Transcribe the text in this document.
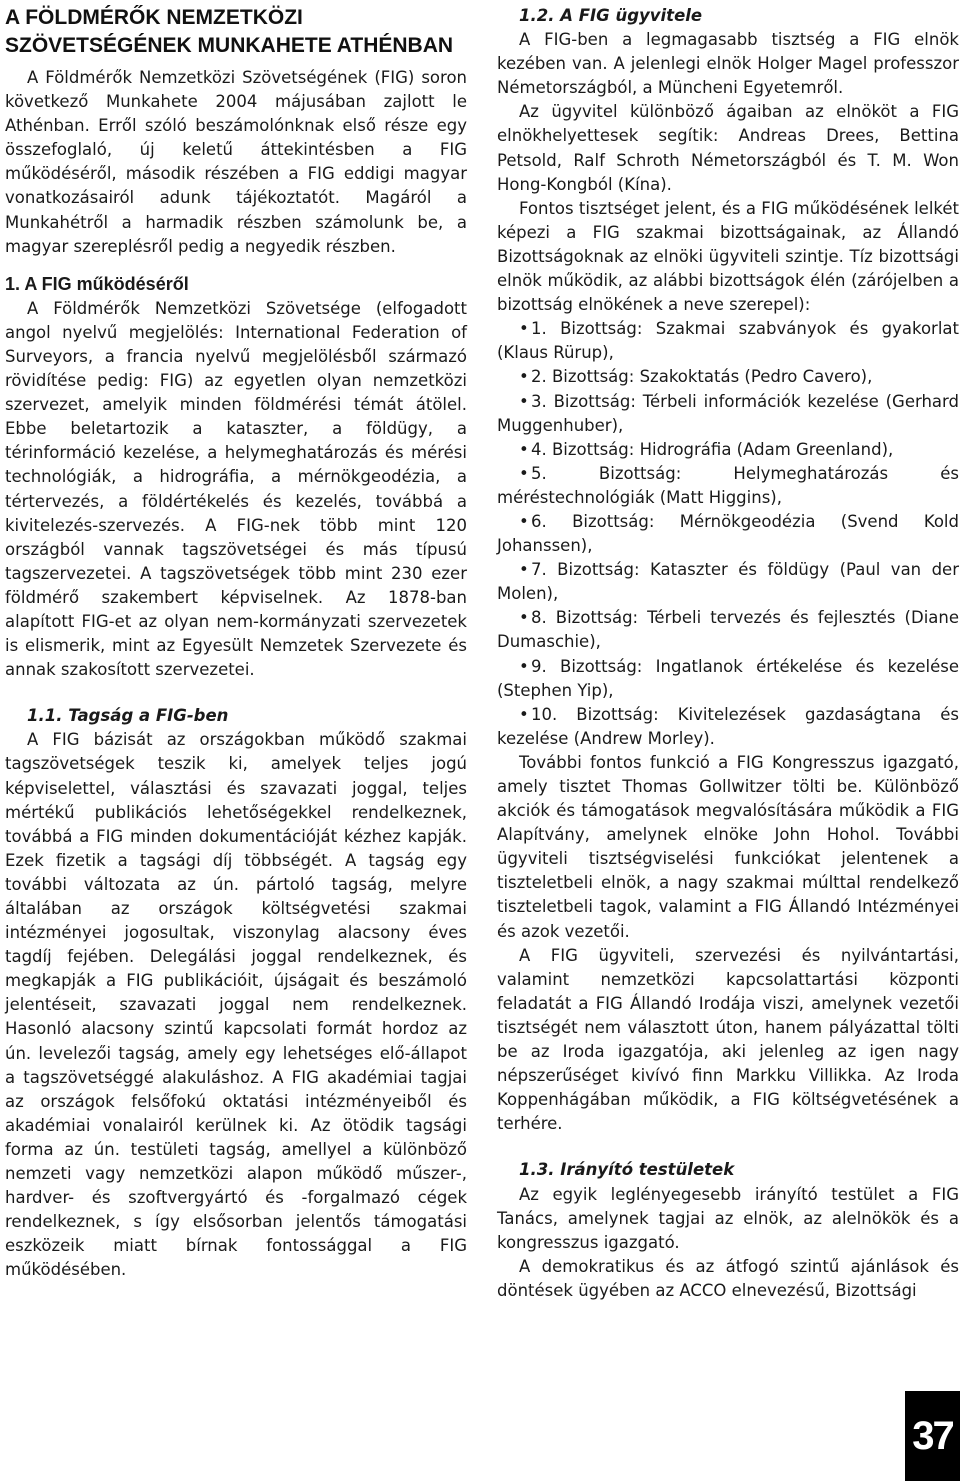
A FÖLDMÉRŐK NEMZETKÖZI SZÖVETSÉGÉNEK MUNKAHETE ATHÉNBAN

A Földmérők Nemzetközi Szövetségének (FIG) soron következő Munkahete 2004 májusában zajlott le Athénban. Erről szóló beszámolónknak első része egy összefoglaló, új keletű áttekintésben a FIG működéséről, második részében a FIG eddigi magyar vonatkozásairól adunk tájékoztatót. Magáról a Munkahétről a harmadik részben számolunk be, a magyar szereplésről pedig a negyedik részben.

1. A FIG működéséről

A Földmérők Nemzetközi Szövetsége (elfogadott angol nyelvű megjelölés: International Federation of Surveyors, a francia nyelvű megjelölésből származó rövidítése pedig: FIG) az egyetlen olyan nemzetközi szervezet, amelyik minden földmérési témát átölel. Ebbe beletartozik a kataszter, a földügy, a térinformáció kezelése, a helymeghatározás és mérési technológiák, a hidrográfia, a mérnökgeodézia, a tértervezés, a földértékelés és kezelés, továbbá a kivitelezés-szervezés. A FIG-nek több mint 120 országból vannak tagszövetségei és más típusú tagszervezetei. A tagszövetségek több mint 230 ezer földmérő szakembert képviselnek. Az 1878-ban alapított FIG-et az olyan nem-kormányzati szervezetek is elismerik, mint az Egyesült Nemzetek Szervezete és annak szakosított szervezetei.

1.1. Tagság a FIG-ben

A FIG bázisát az országokban működő szakmai tagszövetségek teszik ki, amelyek teljes jogú képviselettel, választási és szavazati joggal, teljes mértékű publikációs lehetőségekkel rendelkeznek, továbbá a FIG minden dokumentációját kézhez kapják. Ezek fizetik a tagsági díj többségét. A tagság egy további változata az ún. pártoló tagság, melyre általában az országok költségvetési szakmai intézményei jogosultak, viszonylag alacsony éves tagdíj fejében. Delegálási joggal rendelkeznek, és megkapják a FIG publikációit, újságait és beszámoló jelentéseit, szavazati joggal nem rendelkeznek. Hasonló alacsony szintű kapcsolati formát hordoz az ún. levelezői tagság, amely egy lehetséges elő-állapot a tagszövetséggé alakuláshoz. A FIG akadémiai tagjai az országok felsőfokú oktatási intézményeiből és akadémiai vonalairól kerülnek ki. Az ötödik tagsági forma az ún. testületi tagság, amellyel a különböző nemzeti vagy nemzetközi alapon működő műszer-, hardver- és szoftvergyártó és -forgalmazó cégek rendelkeznek, s így elsősorban jelentős támogatási eszközeik miatt bírnak fontossággal a FIG működésében.

1.2. A FIG ügyvitele

A FIG-ben a legmagasabb tisztség a FIG elnök kezében van. A jelenlegi elnök Holger Magel professzor Németországból, a Müncheni Egyetemről.

Az ügyvitel különböző ágaiban az elnököt a FIG elnökhelyettesek segítik: Andreas Drees, Bettina Petsold, Ralf Schroth Németországból és T. M. Won Hong-Kongból (Kína).

Fontos tisztséget jelent, és a FIG működésének lelkét képezi a FIG szakmai bizottságainak, az Állandó Bizottságoknak az elnöki ügyviteli szintje. Tíz bizottsági elnök működik, az alábbi bizottságok élén (zárójelben a bizottság elnökének a neve szerepel):

• 1. Bizottság: Szakmai szabványok és gyakorlat (Klaus Rürup),
• 2. Bizottság: Szakoktatás (Pedro Cavero),
• 3. Bizottság: Térbeli információk kezelése (Gerhard Muggenhuber),
• 4. Bizottság: Hidrográfia (Adam Greenland),
• 5. Bizottság: Helymeghatározás és méréstechnológiák (Matt Higgins),
• 6. Bizottság: Mérnökgeodézia (Svend Kold Johanssen),
• 7. Bizottság: Kataszter és földügy (Paul van der Molen),
• 8. Bizottság: Térbeli tervezés és fejlesztés (Diane Dumaschie),
• 9. Bizottság: Ingatlanok értékelése és kezelése (Stephen Yip),
• 10. Bizottság: Kivitelezések gazdaságtana és kezelése (Andrew Morley).

További fontos funkció a FIG Kongresszus igazgató, amely tisztet Thomas Gollwitzer tölti be. Különböző akciók és támogatások megvalósítására működik a FIG Alapítvány, amelynek elnöke John Hohol. További ügyviteli tisztségviselési funkciókat jelentenek a tiszteletbeli elnök, a nagy szakmai múlttal rendelkező tiszteletbeli tagok, valamint a FIG Állandó Intézményei és azok vezetői.

A FIG ügyviteli, szervezési és nyilvántartási, valamint nemzetközi kapcsolattartási központi feladatát a FIG Állandó Irodája viszi, amelynek vezetői tisztségét nem választott úton, hanem pályázattal tölti be az Iroda igazgatója, aki jelenleg az igen nagy népszerűséget kivívó finn Markku Villikka. Az Iroda Koppenhágában működik, a FIG költségvetésének a terhére.

1.3. Irányító testületek

Az egyik leglényegesebb irányító testület a FIG Tanács, amelynek tagjai az elnök, az alelnökök és a kongresszus igazgató.

A demokratikus és az átfogó szintű ajánlások és döntések ügyében az ACCO elnevezésű, Bizottsági

37
